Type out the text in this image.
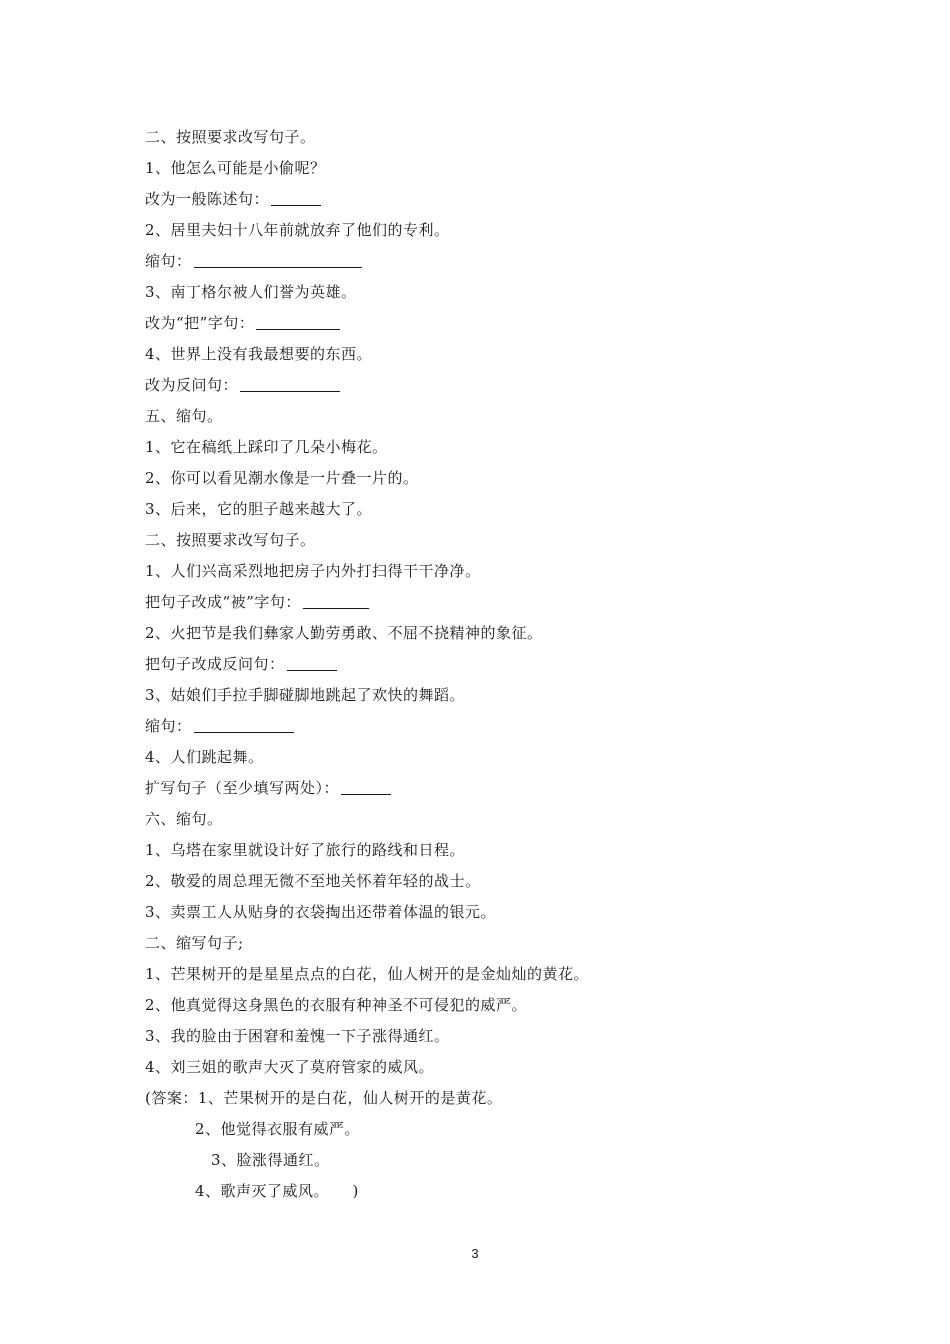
二、按照要求改写句子。
1、他怎么可能是小偷呢？
改为一般陈述句：
2、居里夫妇十八年前就放弃了他们的专利。
缩句：
3、南丁格尔被人们誉为英雄。
改为“把”字句：
4、世界上没有我最想要的东西。
改为反问句：
五、缩句。
1、它在稿纸上踩印了几朵小梅花。
2、你可以看见潮水像是一片叠一片的。
3、后来，它的胆子越来越大了。
二、按照要求改写句子。
1、人们兴高采烈地把房子内外打扫得干干净净。
把句子改成“被”字句：
2、火把节是我们彝家人勤劳勇敢、不屈不挠精神的象征。
把句子改成反问句：
3、姑娘们手拉手脚碰脚地跳起了欢快的舞蹈。
缩句：
4、人们跳起舞。
扩写句子（至少填写两处）：
六、缩句。
1、乌塔在家里就设计好了旅行的路线和日程。
2、敬爱的周总理无微不至地关怀着年轻的战士。
3、卖票工人从贴身的衣袋掏出还带着体温的银元。
二、缩写句子;
1、芒果树开的是星星点点的白花，仙人树开的是金灿灿的黄花。
2、他真觉得这身黑色的衣服有种神圣不可侵犯的威严。
3、我的脸由于困窘和羞愧一下子涨得通红。
4、刘三姐的歌声大灭了莫府管家的威风。
(答案：1、芒果树开的是白花，仙人树开的是黄花。
2、他觉得衣服有威严。
3、脸涨得通红。
4、歌声灭了威风。　　)
3
